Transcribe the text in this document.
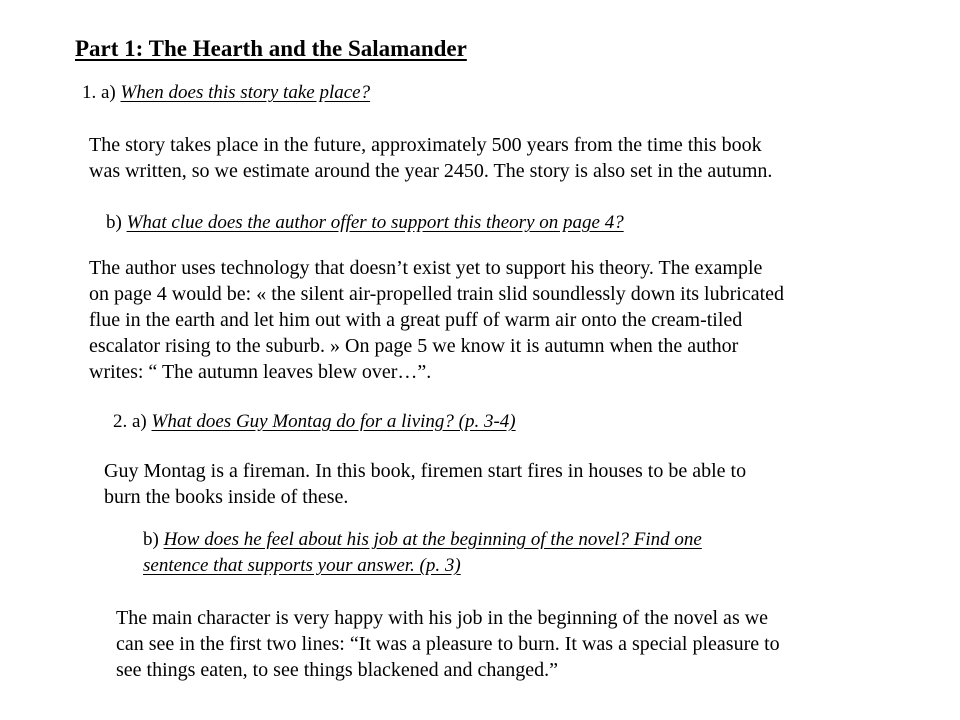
Part 1: The Hearth and the Salamander
1. a) When does this story take place?
The story takes place in the future, approximately 500 years from the time this book
was written, so we estimate around the year 2450. The story is also set in the autumn.
b) What clue does the author offer to support this theory on page 4?
The author uses technology that doesn’t exist yet to support his theory. The example
on page 4 would be: « the silent air-propelled train slid soundlessly down its lubricated
flue in the earth and let him out with a great puff of warm air onto the cream-tiled
escalator rising to the suburb. » On page 5 we know it is autumn when the author
writes: “ The autumn leaves blew over…”.
2. a) What does Guy Montag do for a living? (p. 3-4)
Guy Montag is a fireman. In this book, firemen start fires in houses to be able to
burn the books inside of these.
b) How does he feel about his job at the beginning of the novel? Find one
sentence that supports your answer. (p. 3)
The main character is very happy with his job in the beginning of the novel as we
can see in the first two lines: “It was a pleasure to burn. It was a special pleasure to
see things eaten, to see things blackened and changed.”
